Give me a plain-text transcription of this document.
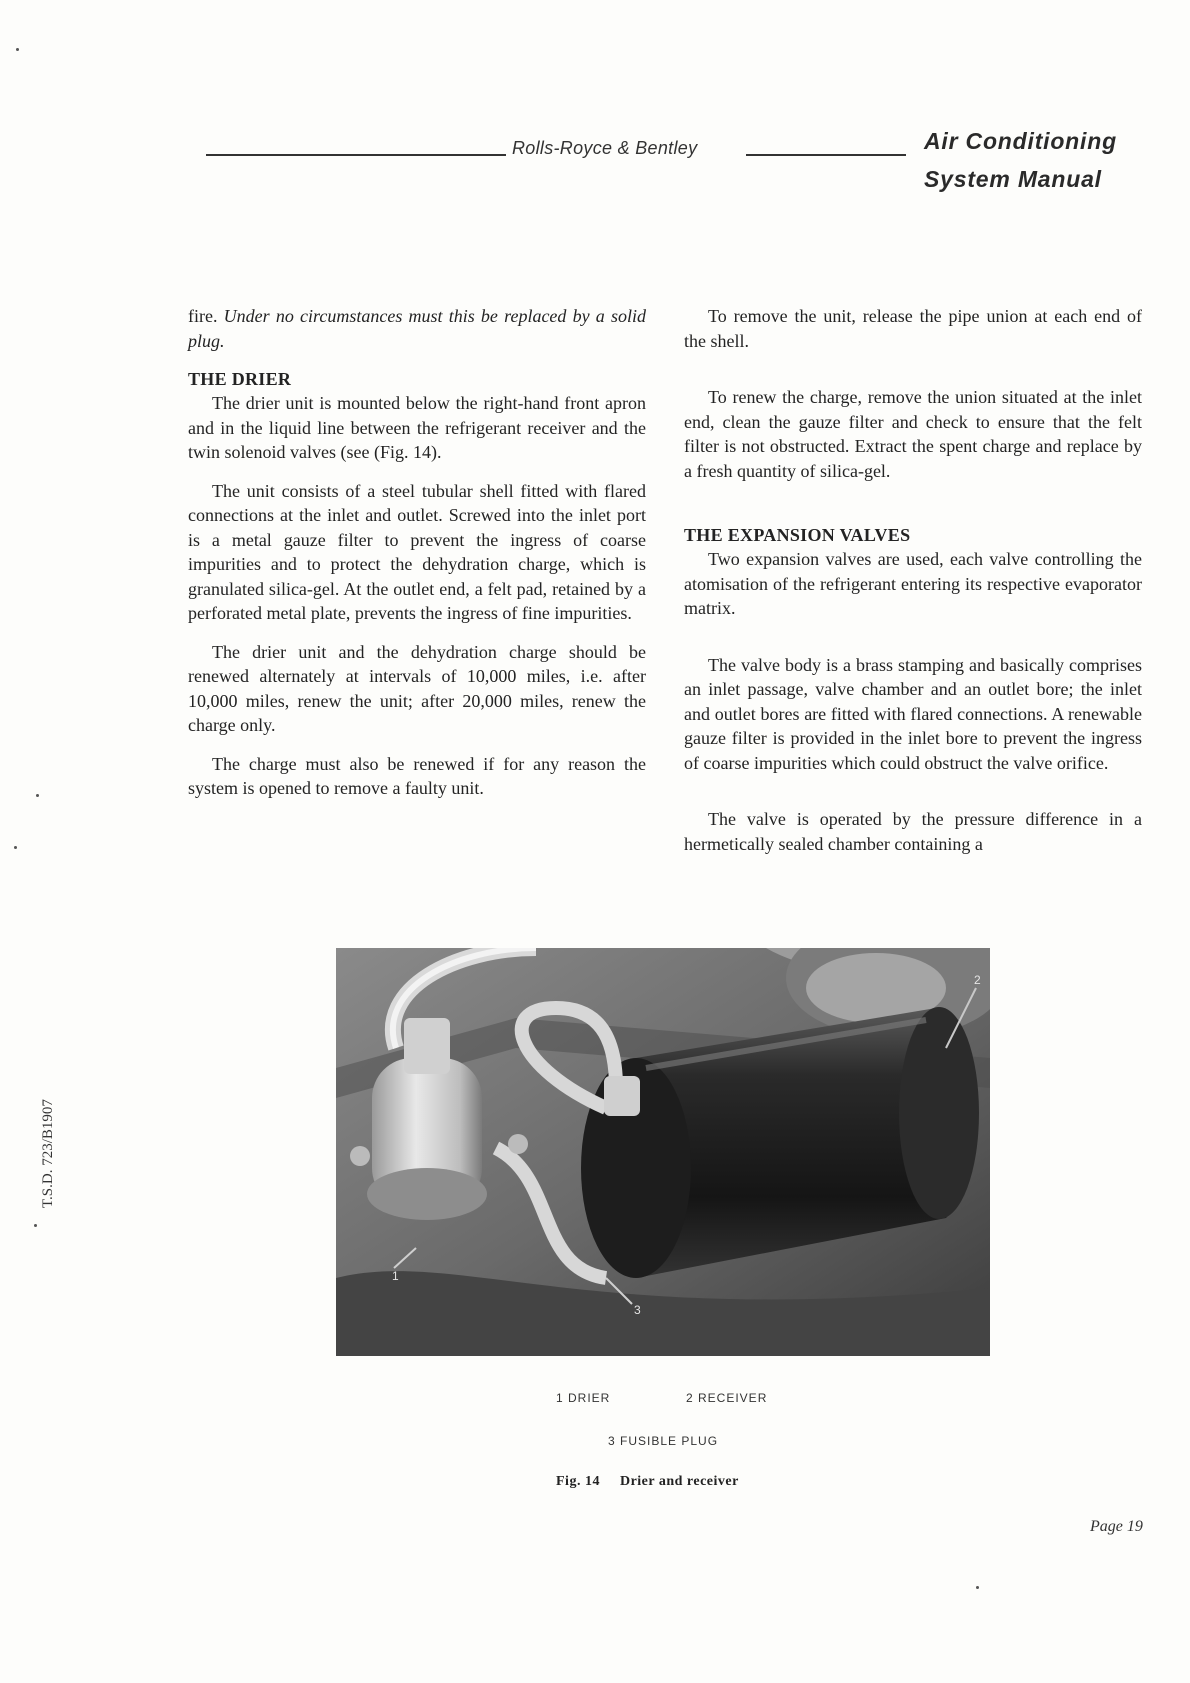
Rolls-Royce & Bentley	Air Conditioning
System Manual

fire. Under no circumstances must this be replaced by a solid plug.

THE DRIER

The drier unit is mounted below the right-hand front apron and in the liquid line between the refrigerant receiver and the twin solenoid valves (see (Fig. 14).

The unit consists of a steel tubular shell fitted with flared connections at the inlet and outlet. Screwed into the inlet port is a metal gauze filter to prevent the ingress of coarse impurities and to protect the dehydration charge, which is granulated silica-gel. At the outlet end, a felt pad, retained by a perforated metal plate, prevents the ingress of fine impurities.

The drier unit and the dehydration charge should be renewed alternately at intervals of 10,000 miles, i.e. after 10,000 miles, renew the unit; after 20,000 miles, renew the charge only.

The charge must also be renewed if for any reason the system is opened to remove a faulty unit.

To remove the unit, release the pipe union at each end of the shell.

To renew the charge, remove the union situated at the inlet end, clean the gauze filter and check to ensure that the felt filter is not obstructed. Extract the spent charge and replace by a fresh quantity of silica-gel.

THE EXPANSION VALVES

Two expansion valves are used, each valve controlling the atomisation of the refrigerant entering its respective evaporator matrix.

The valve body is a brass stamping and basically comprises an inlet passage, valve chamber and an outlet bore; the inlet and outlet bores are fitted with flared connections. A renewable gauze filter is provided in the inlet bore to prevent the ingress of coarse impurities which could obstruct the valve orifice.

The valve is operated by the pressure difference in a hermetically sealed chamber containing a

1
2
3
1 DRIER	2 RECEIVER
3 FUSIBLE PLUG
Fig. 14 Drier and receiver
Page 19
T.S.D. 723/B1907
